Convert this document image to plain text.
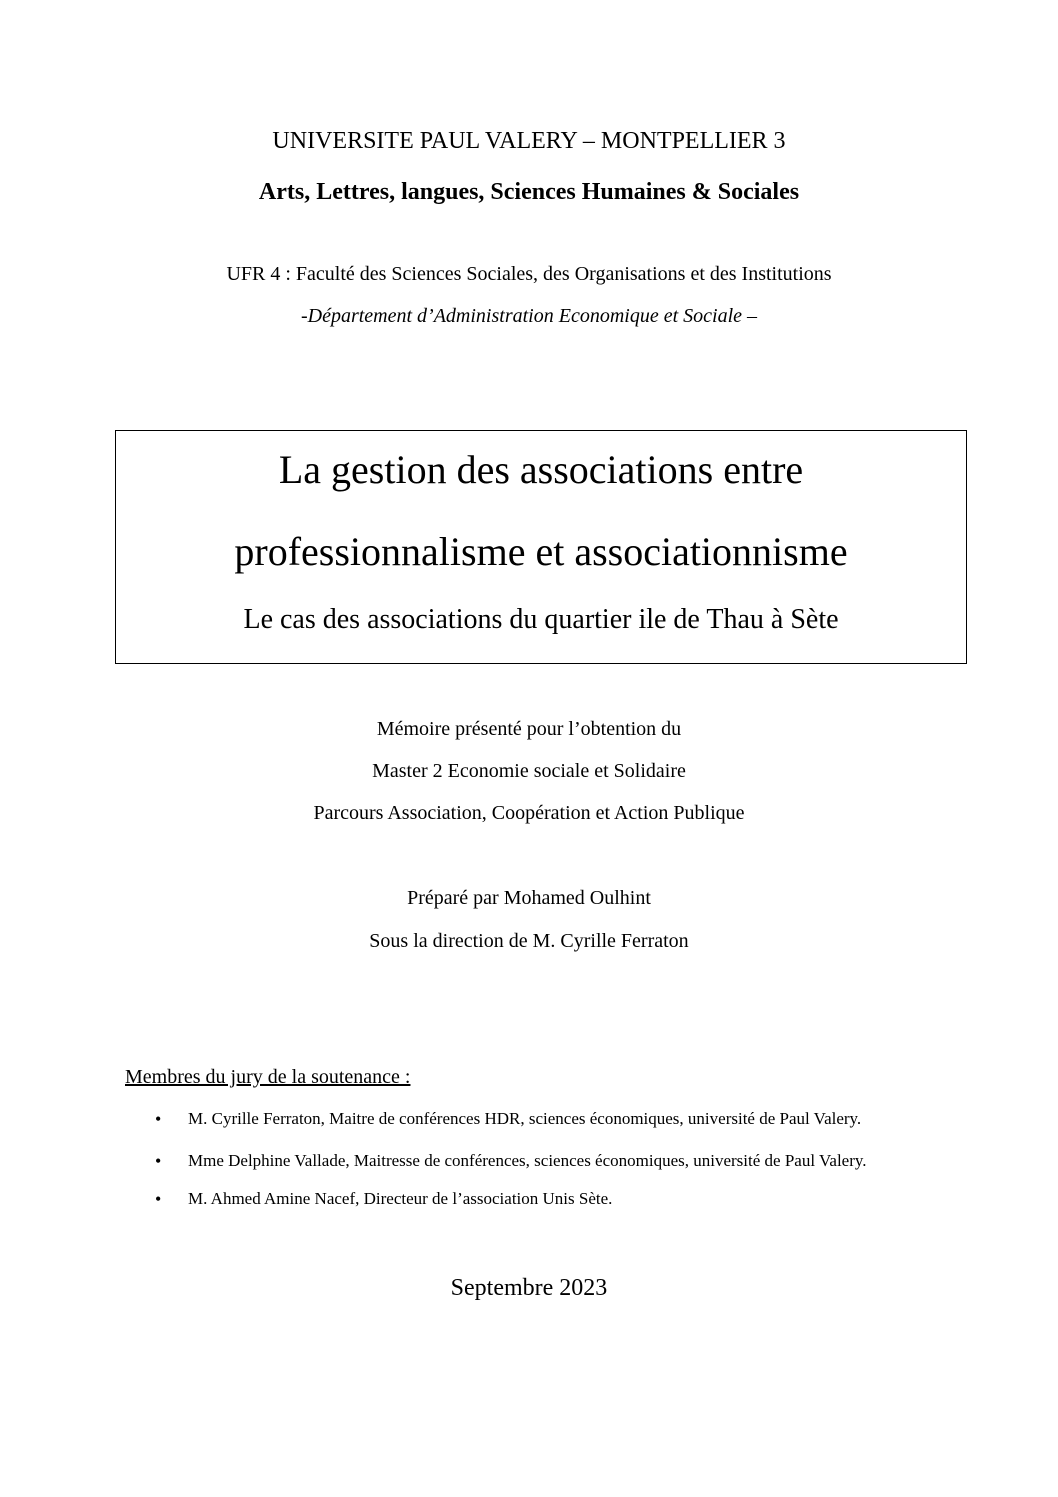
UNIVERSITE PAUL VALERY – MONTPELLIER 3
Arts, Lettres, langues, Sciences Humaines & Sociales
UFR 4 : Faculté des Sciences Sociales, des Organisations et des Institutions
-Département d’Administration Economique et Sociale –
La gestion des associations entre
professionnalisme et associationnisme
Le cas des associations du quartier ile de Thau à Sète
Mémoire présenté pour l’obtention du
Master 2 Economie sociale et Solidaire
Parcours Association, Coopération et Action Publique
Préparé par Mohamed Oulhint
Sous la direction de M. Cyrille Ferraton
Membres du jury de la soutenance :
• M. Cyrille Ferraton, Maitre de conférences HDR, sciences économiques, université de Paul Valery.
• Mme Delphine Vallade, Maitresse de conférences, sciences économiques, université de Paul Valery.
• M. Ahmed Amine Nacef, Directeur de l’association Unis Sète.
Septembre 2023
